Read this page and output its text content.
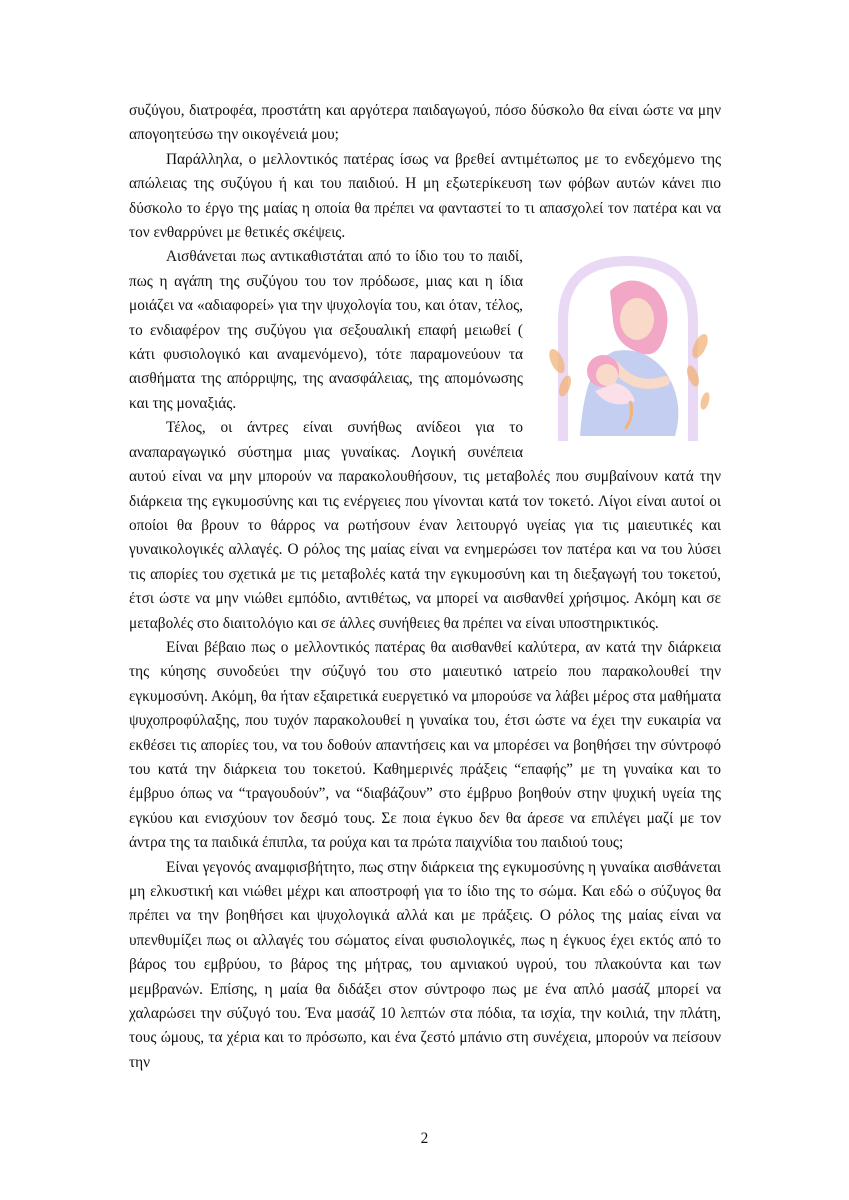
συζύγου, διατροφέα, προστάτη και αργότερα παιδαγωγού, πόσο δύσκολο θα είναι ώστε να μην απογοητεύσω την οικογένειά μου;

Παράλληλα, ο μελλοντικός πατέρας ίσως να βρεθεί αντιμέτωπος με το ενδεχόμενο της απώλειας της συζύγου ή και του παιδιού. Η μη εξωτερίκευση των φόβων αυτών κάνει πιο δύσκολο το έργο της μαίας η οποία θα πρέπει να φανταστεί το τι απασχολεί τον πατέρα και να τον ενθαρρύνει με θετικές σκέψεις.

Αισθάνεται πως αντικαθιστάται από το ίδιο του το παιδί, πως η αγάπη της συζύγου του τον πρόδωσε, μιας και η ίδια μοιάζει να «αδιαφορεί» για την ψυχολογία του, και όταν, τέλος, το ενδιαφέρον της συζύγου για σεξουαλική επαφή μειωθεί ( κάτι φυσιολογικό και αναμενόμενο), τότε παραμονεύουν τα αισθήματα της απόρριψης, της ανασφάλειας, της απομόνωσης και της μοναξιάς.

Τέλος, οι άντρες είναι συνήθως ανίδεοι για το αναπαραγωγικό σύστημα μιας γυναίκας. Λογική συνέπεια αυτού είναι να μην μπορούν να παρακολουθήσουν, τις μεταβολές που συμβαίνουν κατά την διάρκεια της εγκυμοσύνης και τις ενέργειες που γίνονται κατά τον τοκετό. Λίγοι είναι αυτοί οι οποίοι θα βρουν το θάρρος να ρωτήσουν έναν λειτουργό υγείας για τις μαιευτικές και γυναικολογικές αλλαγές. Ο ρόλος της μαίας είναι να ενημερώσει τον πατέρα και να του λύσει τις απορίες του σχετικά με τις μεταβολές κατά την εγκυμοσύνη και τη διεξαγωγή του τοκετού, έτσι ώστε να μην νιώθει εμπόδιο, αντιθέτως, να μπορεί να αισθανθεί χρήσιμος. Ακόμη και σε μεταβολές στο διαιτολόγιο και σε άλλες συνήθειες θα πρέπει να είναι υποστηρικτικός.

Είναι βέβαιο πως ο μελλοντικός πατέρας θα αισθανθεί καλύτερα, αν κατά την διάρκεια της κύησης συνοδεύει την σύζυγό του στο μαιευτικό ιατρείο που παρακολουθεί την εγκυμοσύνη. Ακόμη, θα ήταν εξαιρετικά ευεργετικό να μπορούσε να λάβει μέρος στα μαθήματα ψυχοπροφύλαξης, που τυχόν παρακολουθεί η γυναίκα του, έτσι ώστε να έχει την ευκαιρία να εκθέσει τις απορίες του, να του δοθούν απαντήσεις και να μπορέσει να βοηθήσει την σύντροφό του κατά την διάρκεια του τοκετού. Καθημερινές πράξεις “επαφής” με τη γυναίκα και το έμβρυο όπως να “τραγουδούν”, να “διαβάζουν” στο έμβρυο βοηθούν στην ψυχική υγεία της εγκύου και ενισχύουν τον δεσμό τους. Σε ποια έγκυο δεν θα άρεσε να επιλέγει μαζί με τον άντρα της τα παιδικά έπιπλα, τα ρούχα και τα πρώτα παιχνίδια του παιδιού τους;

Είναι γεγονός αναμφισβήτητο, πως στην διάρκεια της εγκυμοσύνης η γυναίκα αισθάνεται μη ελκυστική και νιώθει μέχρι και αποστροφή για το ίδιο της το σώμα. Και εδώ ο σύζυγος θα πρέπει να την βοηθήσει και ψυχολογικά αλλά και με πράξεις. Ο ρόλος της μαίας είναι να υπενθυμίζει πως οι αλλαγές του σώματος είναι φυσιολογικές, πως η έγκυος έχει εκτός από το βάρος του εμβρύου, το βάρος της μήτρας, του αμνιακού υγρού, του πλακούντα και των μεμβρανών. Επίσης, η μαία θα διδάξει στον σύντροφο πως με ένα απλό μασάζ μπορεί να χαλαρώσει την σύζυγό του. Ένα μασάζ 10 λεπτών στα πόδια, τα ισχία, την κοιλιά, την πλάτη, τους ώμους, τα χέρια και το πρόσωπο, και ένα ζεστό μπάνιο στη συνέχεια, μπορούν να πείσουν την

2
